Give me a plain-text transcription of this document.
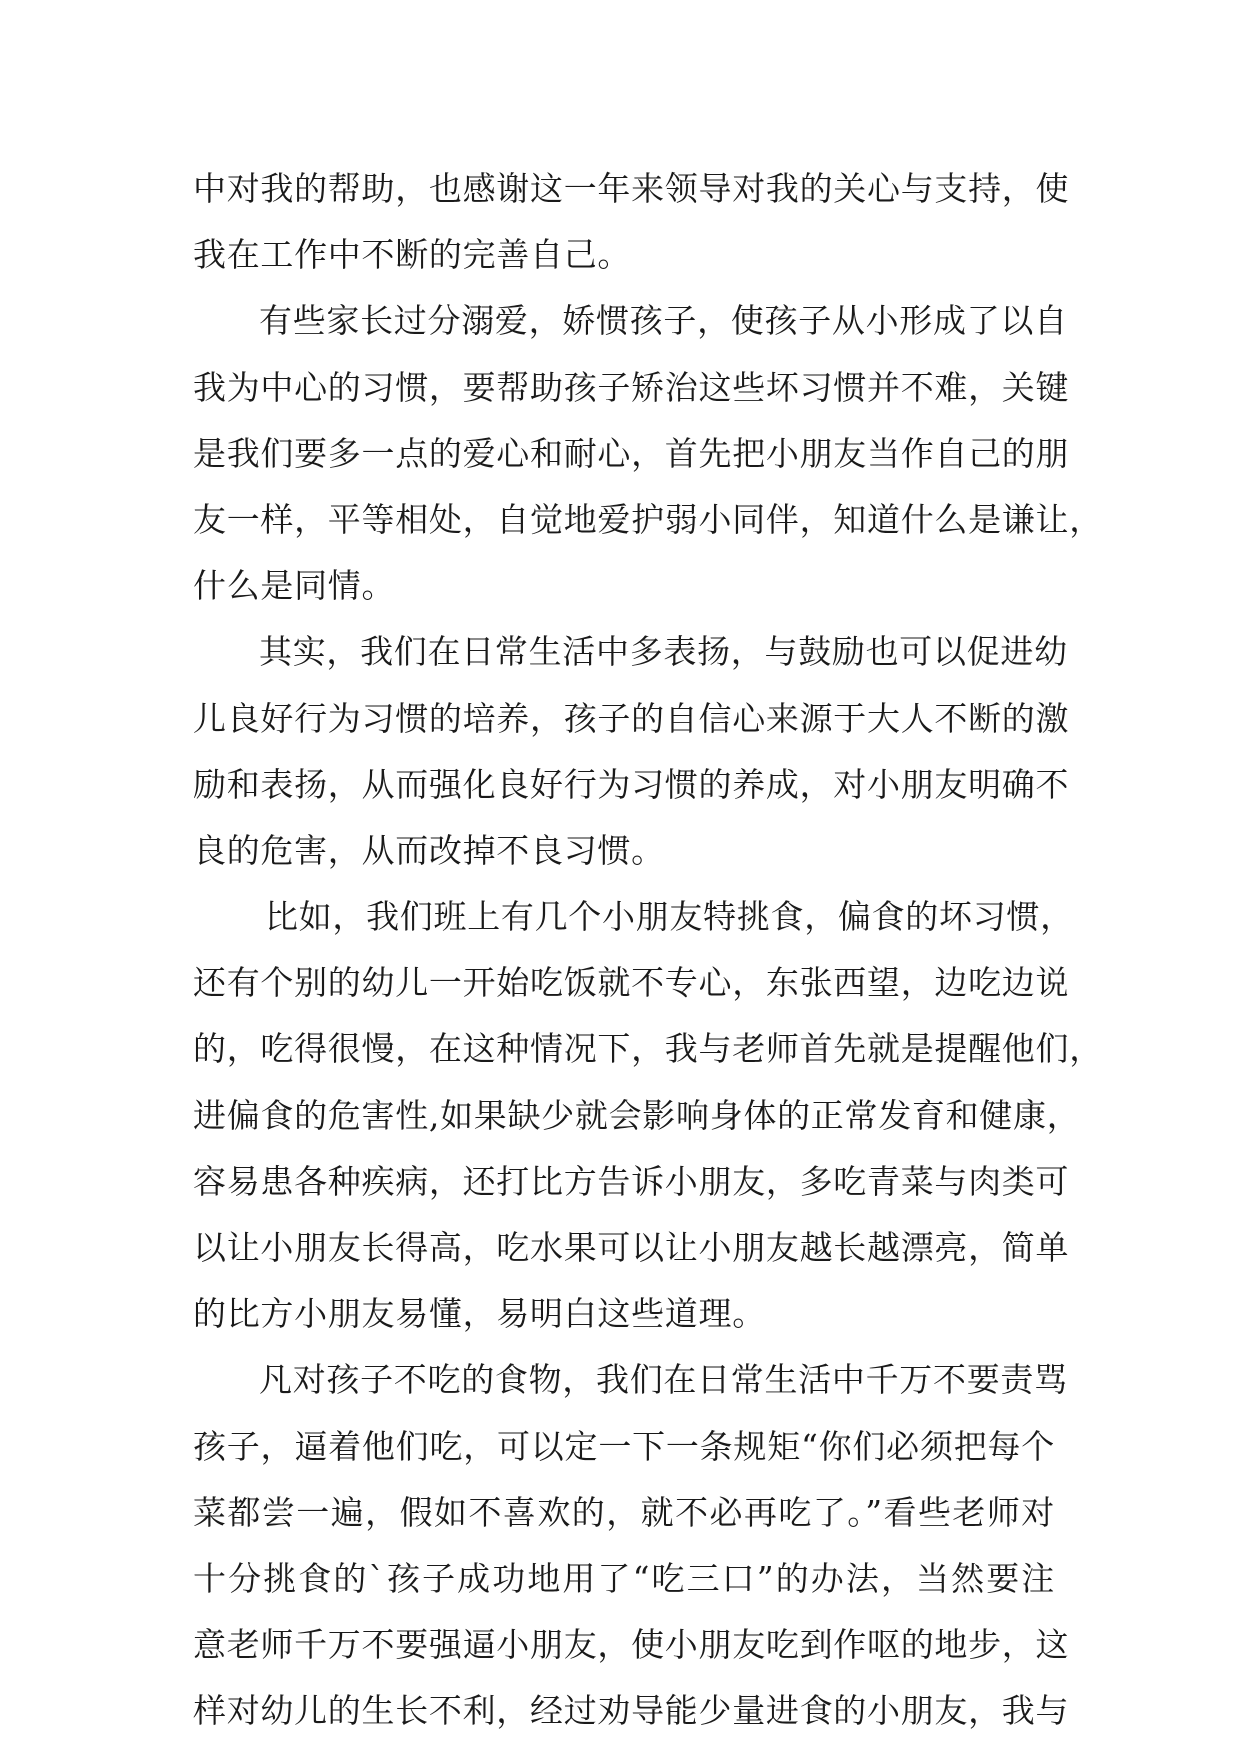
中对我的帮助，也感谢这一年来领导对我的关心与支持，使
我在工作中不断的完善自己。
有些家长过分溺爱，娇惯孩子，使孩子从小形成了以自
我为中心的习惯，要帮助孩子矫治这些坏习惯并不难，关键
是我们要多一点的爱心和耐心，首先把小朋友当作自己的朋
友一样，平等相处，自觉地爱护弱小同伴，知道什么是谦让，
什么是同情。
其实，我们在日常生活中多表扬，与鼓励也可以促进幼
儿良好行为习惯的培养，孩子的自信心来源于大人不断的激
励和表扬，从而强化良好行为习惯的养成，对小朋友明确不
良的危害，从而改掉不良习惯。
比如，我们班上有几个小朋友特挑食，偏食的坏习惯，
还有个别的幼儿一开始吃饭就不专心，东张西望，边吃边说
的，吃得很慢，在这种情况下，我与老师首先就是提醒他们，
进偏食的危害性,如果缺少就会影响身体的正常发育和健康，
容易患各种疾病，还打比方告诉小朋友，多吃青菜与肉类可
以让小朋友长得高，吃水果可以让小朋友越长越漂亮，简单
的比方小朋友易懂，易明白这些道理。
凡对孩子不吃的食物，我们在日常生活中千万不要责骂
孩子，逼着他们吃，可以定一下一条规矩“你们必须把每个
菜都尝一遍，假如不喜欢的，就不必再吃了。”看些老师对
十分挑食的`孩子成功地用了“吃三口”的办法，当然要注
意老师千万不要强逼小朋友，使小朋友吃到作呕的地步，这
样对幼儿的生长不利，经过劝导能少量进食的小朋友，我与
